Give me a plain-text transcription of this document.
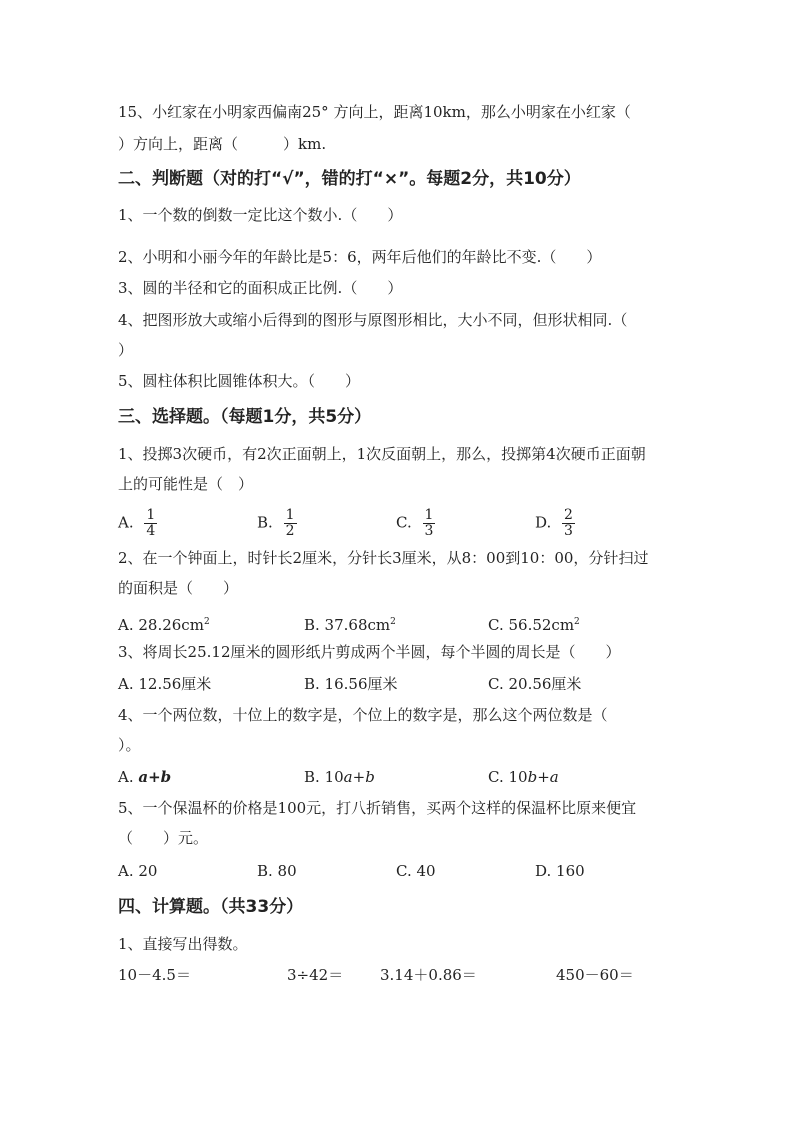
15、小红家在小明家西偏南25° 方向上，距离10km，那么小明家在小红家（
）方向上，距离（　　　）km.
二、判断题（对的打“√”，错的打“×”。每题2分，共10分）
1、一个数的倒数一定比这个数小.（　　）
2、小明和小丽今年的年龄比是5：6，两年后他们的年龄比不变.（　　）
3、圆的半径和它的面积成正比例.（　　）
4、把图形放大或缩小后得到的图形与原图形相比，大小不同，但形状相同.（
）
5、圆柱体积比圆锥体积大。（　　）
三、选择题。（每题1分，共5分）
1、投掷3次硬币，有2次正面朝上，1次反面朝上，那么，投掷第4次硬币正面朝
上的可能性是（　）
A. $\frac{1}{4}$	B. $\frac{1}{2}$	C. $\frac{1}{3}$	D. $\frac{2}{3}$
2、在一个钟面上，时针长2厘米，分针长3厘米，从8：00到10：00，分针扫过
的面积是（　　）
A. $28.26cm^2$	B. $37.68cm^2$	C. $56.52cm^2$
3、将周长25.12厘米的圆形纸片剪成两个半圆，每个半圆的周长是（　　）
A. 12.56厘米	B. 16.56厘米	C. 20.56厘米
4、一个两位数，十位上的数字是，个位上的数字是，那么这个两位数是（
）。
A. a+b	B. 10a+b	C. 10b+a
5、一个保温杯的价格是100元，打八折销售，买两个这样的保温杯比原来便宜
（　　）元。
A. 20	B. 80	C. 40	D. 160
四、计算题。（共33分）
1、直接写出得数。
10－4.5＝	3÷42＝ 3.14＋0.86＝	450－60＝
